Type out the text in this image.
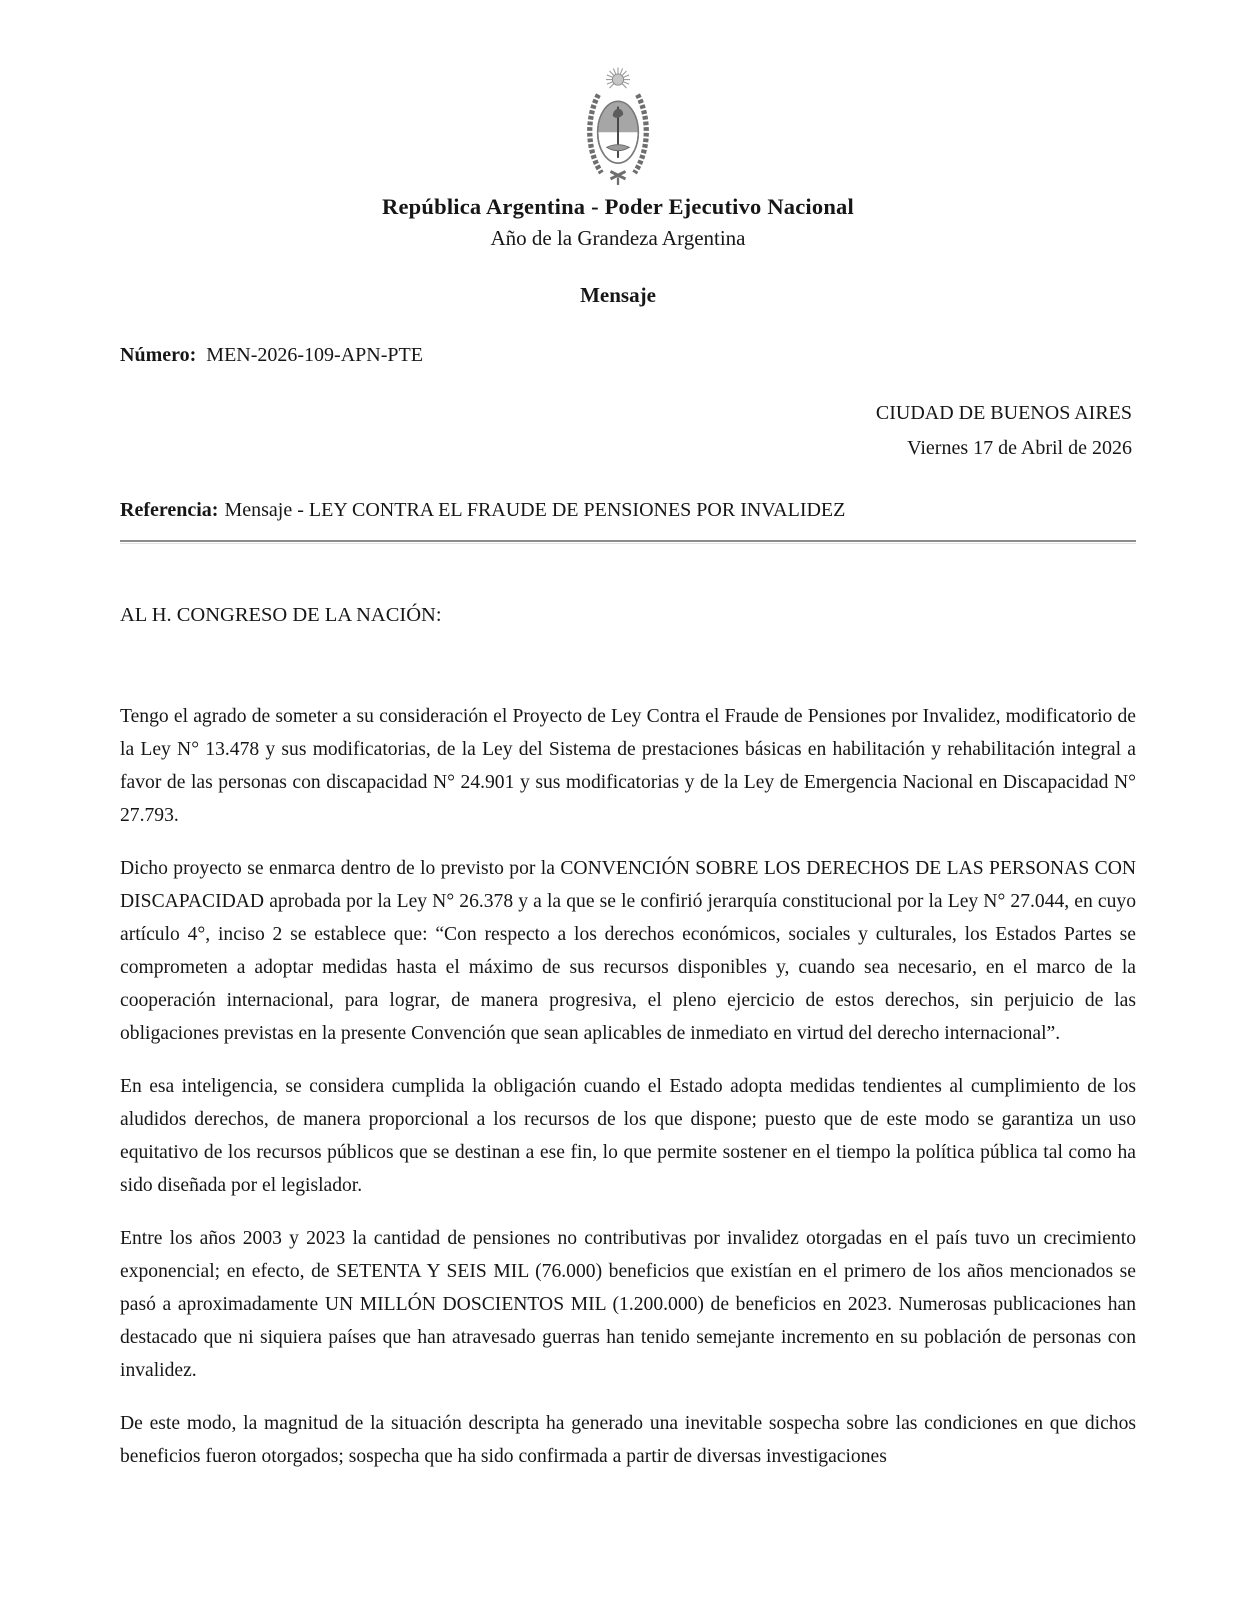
República Argentina - Poder Ejecutivo Nacional
Año de la Grandeza Argentina
Mensaje
Número: MEN-2026-109-APN-PTE
CIUDAD DE BUENOS AIRES
Viernes 17 de Abril de 2026
Referencia: Mensaje - LEY CONTRA EL FRAUDE DE PENSIONES POR INVALIDEZ
AL H. CONGRESO DE LA NACIÓN:

Tengo el agrado de someter a su consideración el Proyecto de Ley Contra el Fraude de Pensiones por Invalidez, modificatorio de la Ley N° 13.478 y sus modificatorias, de la Ley del Sistema de prestaciones básicas en habilitación y rehabilitación integral a favor de las personas con discapacidad N° 24.901 y sus modificatorias y de la Ley de Emergencia Nacional en Discapacidad N° 27.793.

Dicho proyecto se enmarca dentro de lo previsto por la CONVENCIÓN SOBRE LOS DERECHOS DE LAS PERSONAS CON DISCAPACIDAD aprobada por la Ley N° 26.378 y a la que se le confirió jerarquía constitucional por la Ley N° 27.044, en cuyo artículo 4°, inciso 2 se establece que: “Con respecto a los derechos económicos, sociales y culturales, los Estados Partes se comprometen a adoptar medidas hasta el máximo de sus recursos disponibles y, cuando sea necesario, en el marco de la cooperación internacional, para lograr, de manera progresiva, el pleno ejercicio de estos derechos, sin perjuicio de las obligaciones previstas en la presente Convención que sean aplicables de inmediato en virtud del derecho internacional”.

En esa inteligencia, se considera cumplida la obligación cuando el Estado adopta medidas tendientes al cumplimiento de los aludidos derechos, de manera proporcional a los recursos de los que dispone; puesto que de este modo se garantiza un uso equitativo de los recursos públicos que se destinan a ese fin, lo que permite sostener en el tiempo la política pública tal como ha sido diseñada por el legislador.

Entre los años 2003 y 2023 la cantidad de pensiones no contributivas por invalidez otorgadas en el país tuvo un crecimiento exponencial; en efecto, de SETENTA Y SEIS MIL (76.000) beneficios que existían en el primero de los años mencionados se pasó a aproximadamente UN MILLÓN DOSCIENTOS MIL (1.200.000) de beneficios en 2023. Numerosas publicaciones han destacado que ni siquiera países que han atravesado guerras han tenido semejante incremento en su población de personas con invalidez.

De este modo, la magnitud de la situación descripta ha generado una inevitable sospecha sobre las condiciones en que dichos beneficios fueron otorgados; sospecha que ha sido confirmada a partir de diversas investigaciones
